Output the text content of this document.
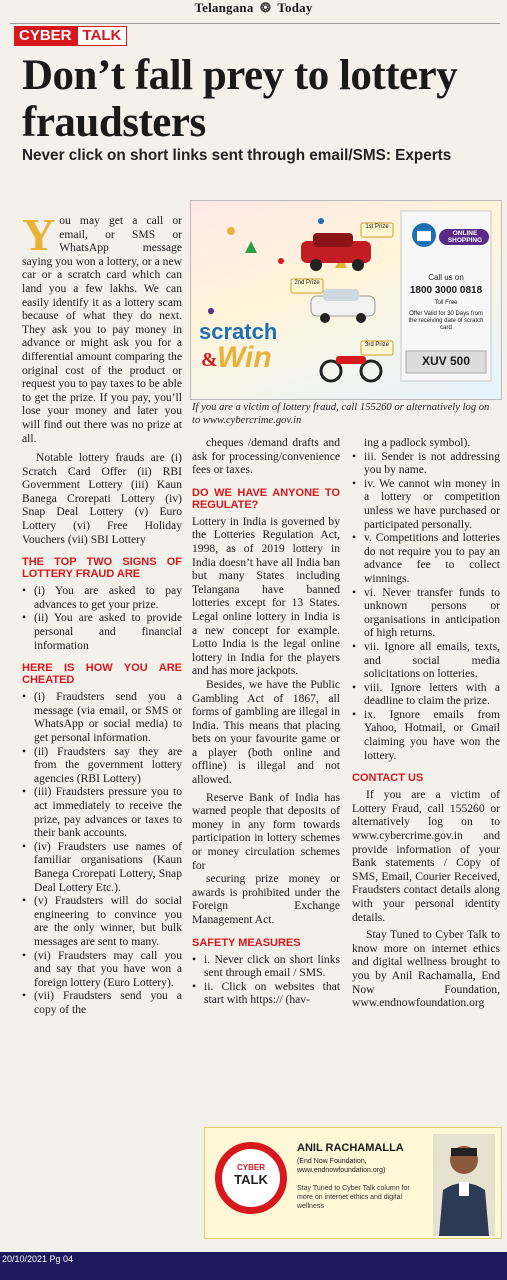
Telangana ❂ Today
CYBER TALK
Don’t fall prey to lottery fraudsters
Never click on short links sent through email/SMS: Experts

You may get a call or email, or SMS or WhatsApp message saying you won a lottery, or a new car or a scratch card which can land you a few lakhs. We can easily identify it as a lottery scam because of what they do next. They ask you to pay money in advance or might ask you for a differential amount comparing the original cost of the product or request you to pay taxes to be able to get the prize. If you pay, you’ll lose your money and later you will find out there was no prize at all.

Notable lottery frauds are (i) Scratch Card Offer (ii) RBI Government Lottery (iii) Kaun Banega Crorepati Lottery (iv) Snap Deal Lottery (v) Euro Lottery (vi) Free Holiday Vouchers (vii) SBI Lottery

THE TOP TWO SIGNS OF LOTTERY FRAUD ARE
• (i) You are asked to pay advances to get your prize.
• (ii) You are asked to provide personal and financial information
HERE IS HOW YOU ARE CHEATED
• (i) Fraudsters send you a message (via email, or SMS or WhatsApp or social media) to get personal information.
• (ii) Fraudsters say they are from the government lottery agencies (RBI Lottery)
• (iii) Fraudsters pressure you to act immediately to receive the prize, pay advances or taxes to their bank accounts.
• (iv) Fraudsters use names of familiar organisations (Kaun Banega Crorepati Lottery, Snap Deal Lottery Etc.).
• (v) Fraudsters will do social engineering to convince you are the only winner, but bulk messages are sent to many.
• (vi) Fraudsters may call you and say that you have won a foreign lottery (Euro Lottery).
• (vii) Fraudsters send you a copy of the
1st Prize
2nd Prize
3rd Prize
scratch
& Win
ONLINE SHOPPING
Call us on
1800 3000 0818
Toll Free
Offer Valid for 30 Days from the receiving date of scratch card
XUV 500
If you are a victim of lottery fraud, call 155260 or alternatively log on to www.cybercrime.gov.in

cheques /demand drafts and ask for processing/convenience fees or taxes.

DO WE HAVE ANYONE TO REGULATE?

Lottery in India is governed by the Lotteries Regulation Act, 1998, as of 2019 lottery in India doesn’t have all India ban but many States including Telangana have banned lotteries except for 13 States. Legal online lottery in India is a new concept for example. Lotto India is the legal online lottery in India for the players and has more jackpots.

Besides, we have the Public Gambling Act of 1867, all forms of gambling are illegal in India. This means that placing bets on your favourite game or a player (both online and offline) is illegal and not allowed.

Reserve Bank of India has warned people that deposits of money in any form towards participation in lottery schemes or money circulation schemes for

securing prize money or awards is prohibited under the Foreign Exchange Management Act.

SAFETY MEASURES
• i. Never click on short links sent through email / SMS.
• ii. Click on websites that start with https:// (hav-

ing a padlock symbol).

• iii. Sender is not addressing you by name.
• iv. We cannot win money in a lottery or competition unless we have purchased or participated personally.
• v. Competitions and lotteries do not require you to pay an advance fee to collect winnings.
• vi. Never transfer funds to unknown persons or organisations in anticipation of high returns.
• vii. Ignore all emails, texts, and social media solicitations on lotteries.
• viii. Ignore letters with a deadline to claim the prize.
• ix. Ignore emails from Yahoo, Hotmail, or Gmail claiming you have won the lottery.
CONTACT US

If you are a victim of Lottery Fraud, call 155260 or alternatively log on to www.cybercrime.gov.in and provide information of your Bank statements / Copy of SMS, Email, Courier Received, Fraudsters contact details along with your personal identity details.

Stay Tuned to Cyber Talk to know more on internet ethics and digital wellness brought to you by Anil Rachamalla, End Now Foundation, www.endnowfoundation.org

CYBER
TALK
ANIL RACHAMALLA
(End Now Foundation, www.endnowfoundation.org)
Stay Tuned to Cyber Talk column for more on internet ethics and digital wellness
20/10/2021 Pg 04
